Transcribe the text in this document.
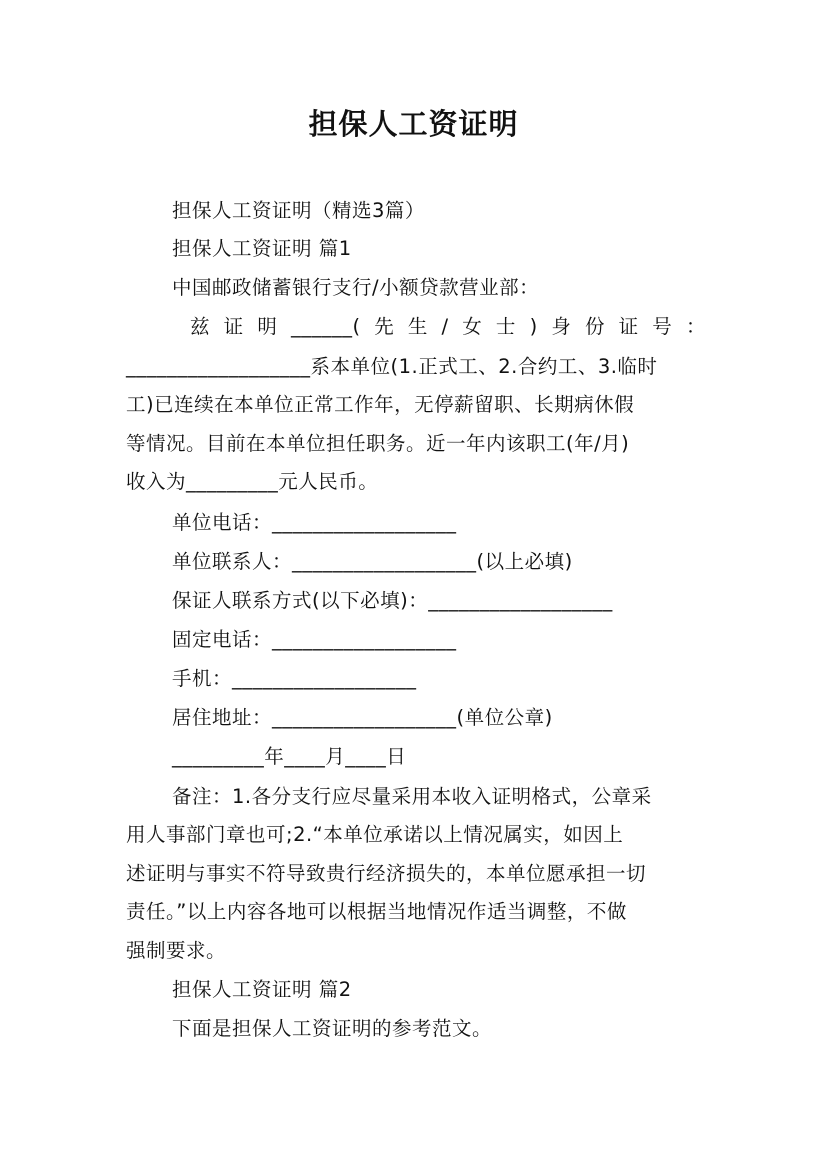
担保人工资证明
担保人工资证明（精选3篇）
担保人工资证明 篇1
中国邮政储蓄银行支行/小额贷款营业部：
兹 证 明 ______( 先 生 / 女 士 ) 身 份 证 号 ：
__________________系本单位(1.正式工、2.合约工、3.临时
工)已连续在本单位正常工作年，无停薪留职、长期病休假
等情况。目前在本单位担任职务。近一年内该职工(年/月)
收入为_________元人民币。
单位电话：__________________
单位联系人：__________________(以上必填)
保证人联系方式(以下必填)：__________________
固定电话：__________________
手机：__________________
居住地址：__________________(单位公章)
_________年____月____日
备注：1.各分支行应尽量采用本收入证明格式，公章采
用人事部门章也可;2.“本单位承诺以上情况属实，如因上
述证明与事实不符导致贵行经济损失的，本单位愿承担一切
责任。”以上内容各地可以根据当地情况作适当调整，不做
强制要求。
担保人工资证明 篇2
下面是担保人工资证明的参考范文。
